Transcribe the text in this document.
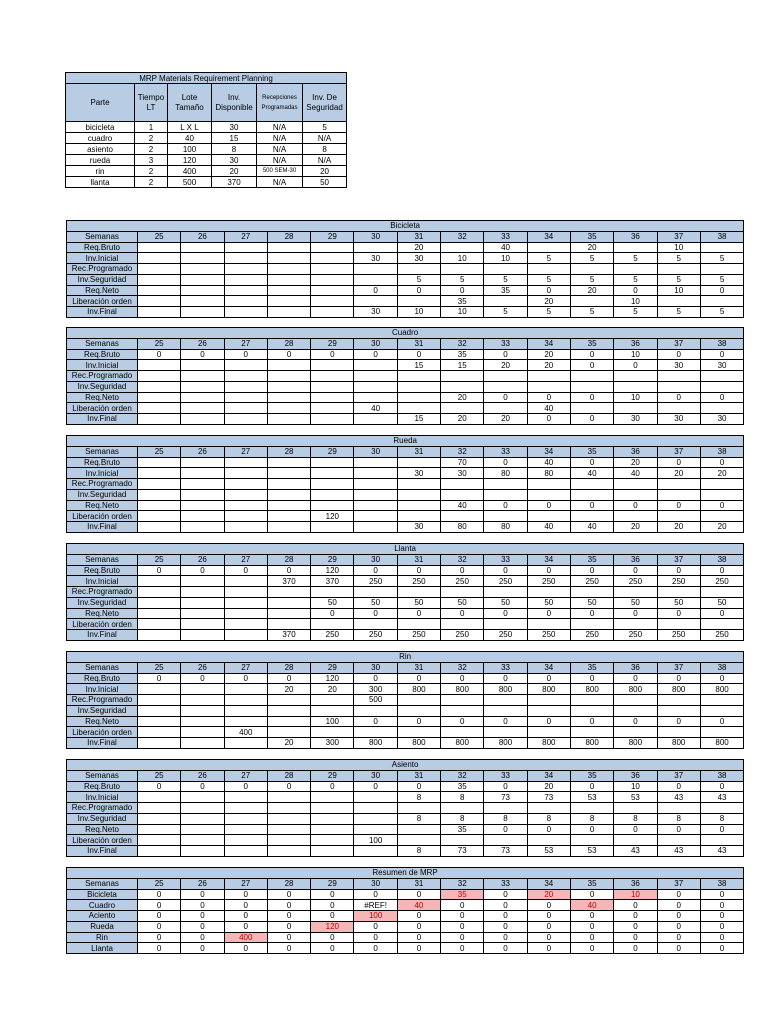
MRP Materials Requirement Planning					
Parte	Tiempo LT	Lote Tamaño	Inv. Disponible	Recepciones Programadas	Inv. De Seguridad
bicicleta	1	L X L	30	N/A	5
cuadro	2	40	15	N/A	N/A
asiento	2	100	8	N/A	8
rueda	3	120	30	N/A	N/A
rin	2	400	20	500 SEM-30	20
llanta	2	500	370	N/A	50
Bicicleta														
Semanas	25	26	27	28	29	30	31	32	33	34	35	36	37	38
Req.Bruto							20		40		20		10	
Inv.Inicial						30	30	10	10	5	5	5	5	5
Rec.Programado														
Inv.Seguridad							5	5	5	5	5	5	5	5
Req.Neto						0	0	0	35	0	20	0	10	0
Liberación orden								35		20		10		
Inv.Final						30	10	10	5	5	5	5	5	5
Cuadro														
Semanas	25	26	27	28	29	30	31	32	33	34	35	36	37	38
Req.Bruto	0	0	0	0	0	0	0	35	0	20	0	10	0	0
Inv.Inicial							15	15	20	20	0	0	30	30
Rec.Programado														
Inv.Seguridad														
Req.Neto								20	0	0	0	10	0	0
Liberación orden						40				40				
Inv.Final							15	20	20	0	0	30	30	30
Rueda														
Semanas	25	26	27	28	29	30	31	32	33	34	35	36	37	38
Req.Bruto								70	0	40	0	20	0	0
Inv.Inicial							30	30	80	80	40	40	20	20
Rec.Programado														
Inv.Seguridad														
Req.Neto								40	0	0	0	0	0	0
Liberación orden					120									
Inv.Final							30	80	80	40	40	20	20	20
Llanta														
Semanas	25	26	27	28	29	30	31	32	33	34	35	36	37	38
Req.Bruto	0	0	0	0	120	0	0	0	0	0	0	0	0	0
Inv.Inicial				370	370	250	250	250	250	250	250	250	250	250
Rec.Programado														
Inv.Seguridad					50	50	50	50	50	50	50	50	50	50
Req.Neto					0	0	0	0	0	0	0	0	0	0
Liberación orden														
Inv.Final				370	250	250	250	250	250	250	250	250	250	250
Rin														
Semanas	25	26	27	28	29	30	31	32	33	34	35	36	37	38
Req.Bruto	0	0	0	0	120	0	0	0	0	0	0	0	0	0
Inv.Inicial				20	20	300	800	800	800	800	800	800	800	800
Rec.Programado						500								
Inv.Seguridad														
Req.Neto					100	0	0	0	0	0	0	0	0	0
Liberación orden			400											
Inv.Final				20	300	800	800	800	800	800	800	800	800	800
Asiento														
Semanas	25	26	27	28	29	30	31	32	33	34	35	36	37	38
Req.Bruto	0	0	0	0	0	0	0	35	0	20	0	10	0	0
Inv.Inicial							8	8	73	73	53	53	43	43
Rec.Programado														
Inv.Seguridad							8	8	8	8	8	8	8	8
Req.Neto								35	0	0	0	0	0	0
Liberación orden						100								
Inv.Final							8	73	73	53	53	43	43	43
Resumen de MRP														
Semanas	25	26	27	28	29	30	31	32	33	34	35	36	37	38
Bicicleta	0	0	0	0	0	0	0	35	0	20	0	10	0	0
Cuadro	0	0	0	0	0	#REF!	40	0	0	0	40	0	0	0
Aciento	0	0	0	0	0	100	0	0	0	0	0	0	0	0
Rueda	0	0	0	0	120	0	0	0	0	0	0	0	0	0
Rin	0	0	400	0	0	0	0	0	0	0	0	0	0	0
Llanta	0	0	0	0	0	0	0	0	0	0	0	0	0	0
